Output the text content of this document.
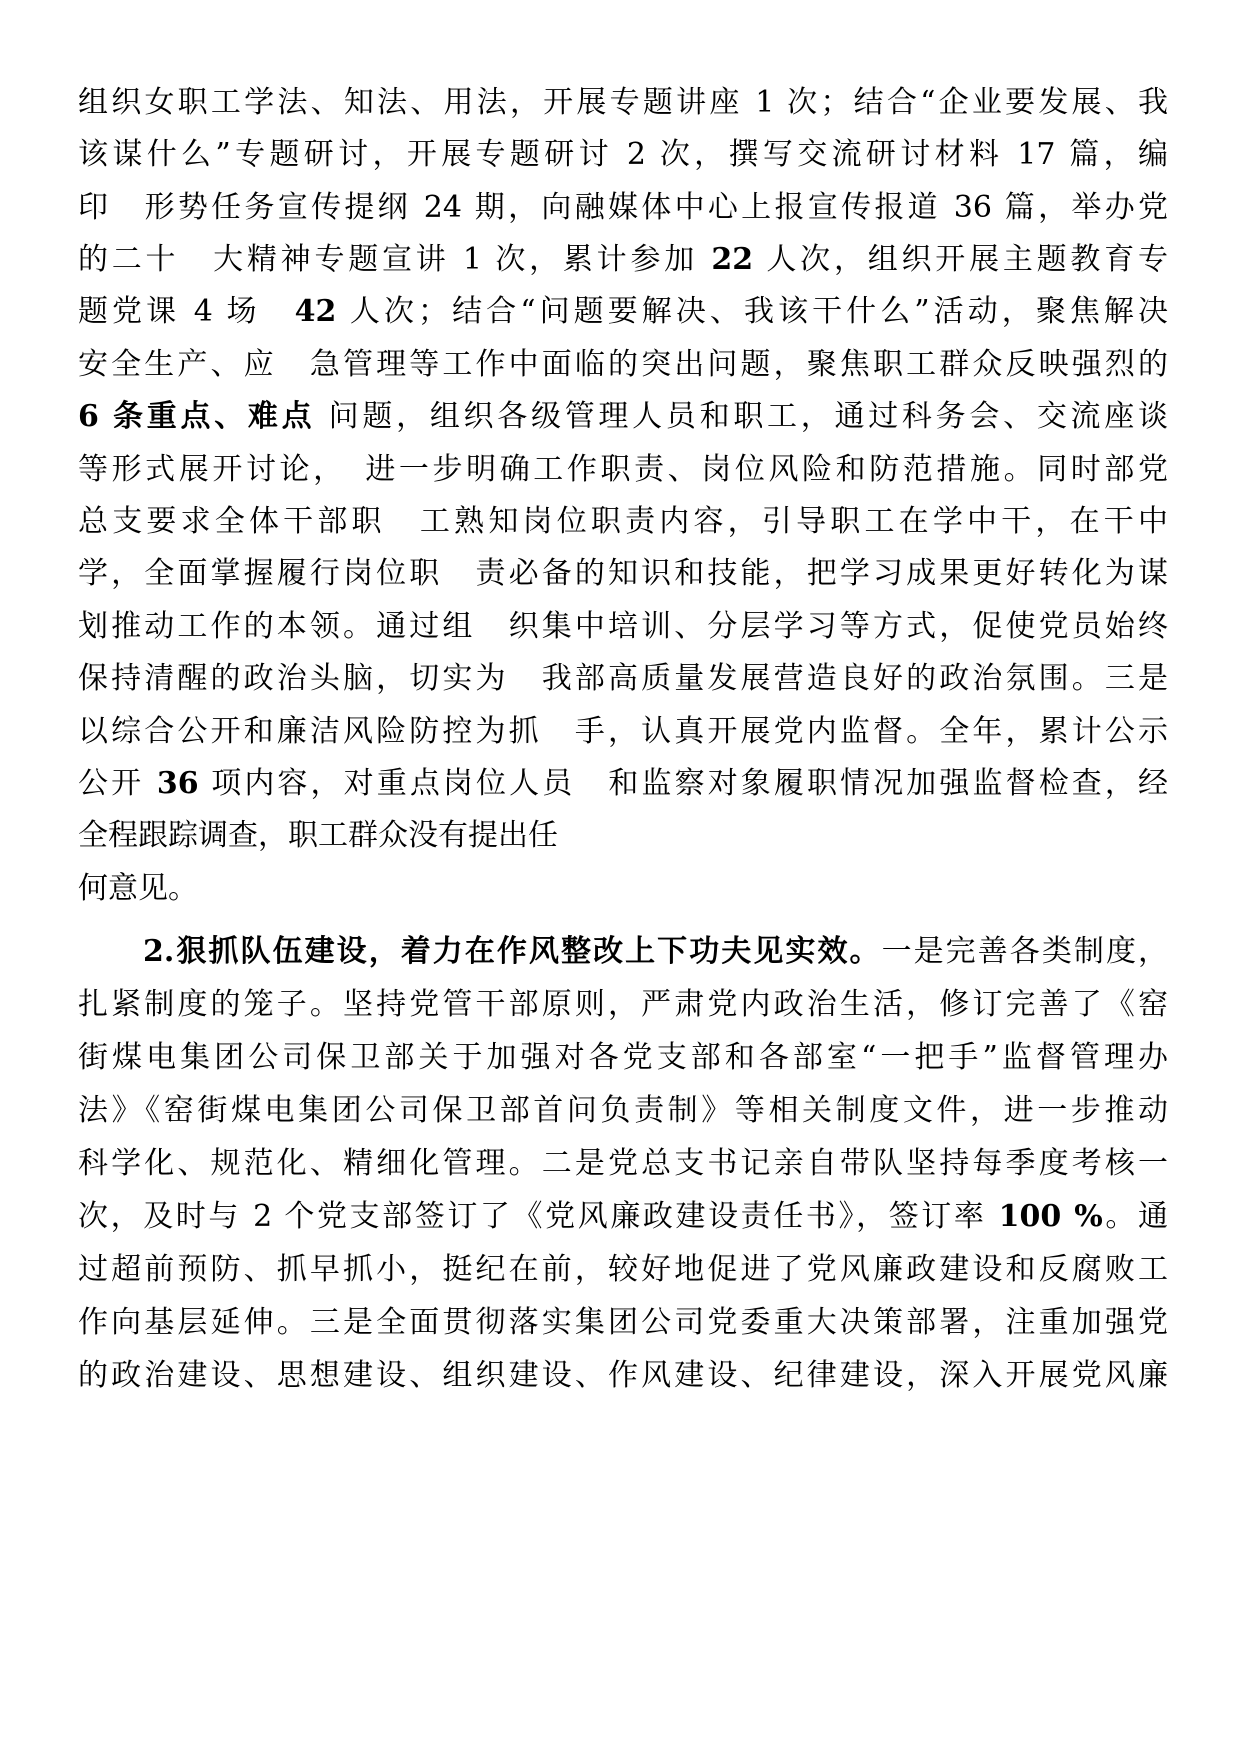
组织女职工学法、知法、用法，开展专题讲座 1 次；结合“企业要发展、我
该谋什么”专题研讨，开展专题研讨 2 次，撰写交流研讨材料 17 篇，编
印　形势任务宣传提纲 24 期，向融媒体中心上报宣传报道 36 篇，举办党
的二十　大精神专题宣讲 1 次，累计参加 22 人次，组织开展主题教育专
题党课 4 场　42 人次；结合“问题要解决、我该干什么”活动，聚焦解决
安全生产、应　急管理等工作中面临的突出问题，聚焦职工群众反映强烈的
6 条重点、难点 问题，组织各级管理人员和职工，通过科务会、交流座谈
等形式展开讨论，　进一步明确工作职责、岗位风险和防范措施。同时部党
总支要求全体干部职　工熟知岗位职责内容，引导职工在学中干，在干中
学，全面掌握履行岗位职　责必备的知识和技能，把学习成果更好转化为谋
划推动工作的本领。通过组　织集中培训、分层学习等方式，促使党员始终
保持清醒的政治头脑，切实为　我部高质量发展营造良好的政治氛围。三是
以综合公开和廉洁风险防控为抓　手，认真开展党内监督。全年，累计公示
公开 36 项内容，对重点岗位人员　和监察对象履职情况加强监督检查，经
全程跟踪调查，职工群众没有提出任
何意见。
2.狠抓队伍建设，着力在作风整改上下功夫见实效。一是完善各类制度，
扎紧制度的笼子。坚持党管干部原则，严肃党内政治生活，修订完善了《窑
街煤电集团公司保卫部关于加强对各党支部和各部室“一把手”监督管理办
法》《窑街煤电集团公司保卫部首问负责制》等相关制度文件，进一步推动
科学化、规范化、精细化管理。二是党总支书记亲自带队坚持每季度考核一
次，及时与 2 个党支部签订了《党风廉政建设责任书》，签订率 100 %。通
过超前预防、抓早抓小，挺纪在前，较好地促进了党风廉政建设和反腐败工
作向基层延伸。三是全面贯彻落实集团公司党委重大决策部署，注重加强党
的政治建设、思想建设、组织建设、作风建设、纪律建设，深入开展党风廉
